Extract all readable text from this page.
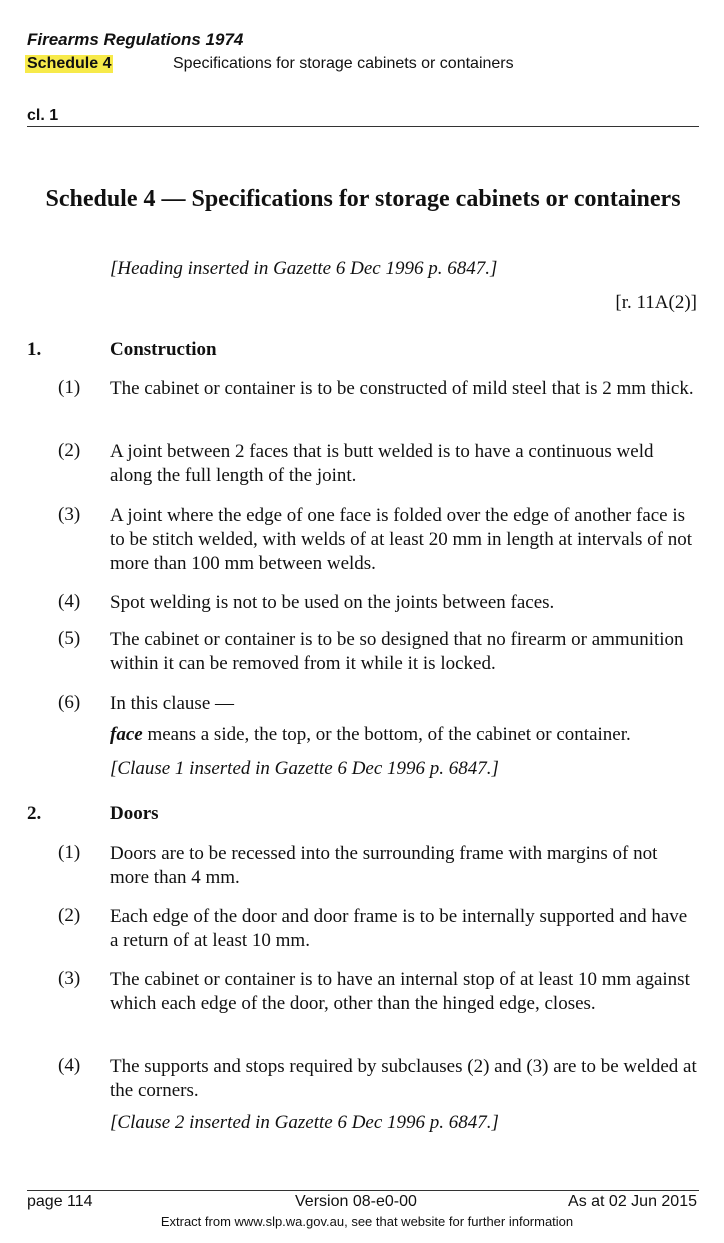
Firearms Regulations 1974
Schedule 4	Specifications for storage cabinets or containers
cl. 1
Schedule 4 — Specifications for storage cabinets or containers
[Heading inserted in Gazette 6 Dec 1996 p. 6847.]
[r. 11A(2)]
1.	Construction
(1) The cabinet or container is to be constructed of mild steel that is 2 mm thick.
(2) A joint between 2 faces that is butt welded is to have a continuous weld along the full length of the joint.
(3) A joint where the edge of one face is folded over the edge of another face is to be stitch welded, with welds of at least 20 mm in length at intervals of not more than 100 mm between welds.
(4) Spot welding is not to be used on the joints between faces.
(5) The cabinet or container is to be so designed that no firearm or ammunition within it can be removed from it while it is locked.
(6) In this clause —
face means a side, the top, or the bottom, of the cabinet or container.
[Clause 1 inserted in Gazette 6 Dec 1996 p. 6847.]
2.	Doors
(1) Doors are to be recessed into the surrounding frame with margins of not more than 4 mm.
(2) Each edge of the door and door frame is to be internally supported and have a return of at least 10 mm.
(3) The cabinet or container is to have an internal stop of at least 10 mm against which each edge of the door, other than the hinged edge, closes.
(4) The supports and stops required by subclauses (2) and (3) are to be welded at the corners.
[Clause 2 inserted in Gazette 6 Dec 1996 p. 6847.]
page 114	Version 08-e0-00	As at 02 Jun 2015
Extract from www.slp.wa.gov.au, see that website for further information
